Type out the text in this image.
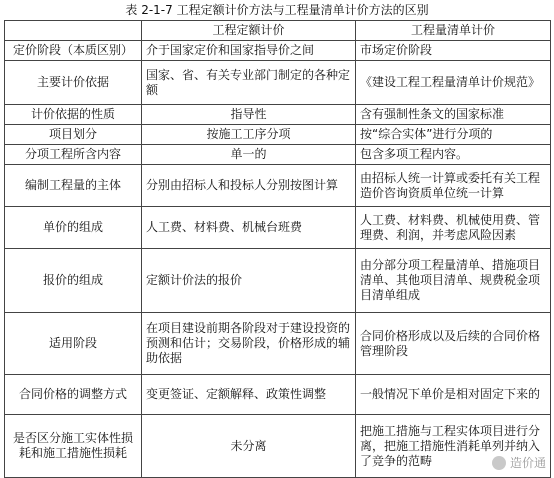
表 2-1-7 工程定额计价方法与工程量清单计价方法的区别
	工程定额计价	工程量清单计价
定价阶段（本质区别）	介于国家定价和国家指导价之间	市场定价阶段
主要计价依据	国家、省、有关专业部门制定的各种定额	《建设工程工程量清单计价规范》
计价依据的性质	指导性	含有强制性条文的国家标准
项目划分	按施工工序分项	按“综合实体”进行分项的
分项工程所含内容	单一的	包含多项工程内容。
编制工程量的主体	分别由招标人和投标人分别按图计算	由招标人统一计算或委托有关工程造价咨询资质单位统一计算
单价的组成	人工费、材料费、机械台班费	人工费、材料费、机械使用费、管理费、利润，并考虑风险因素
报价的组成	定额计价法的报价	由分部分项工程量清单、措施项目清单、其他项目清单、规费税金项目清单组成
适用阶段	在项目建设前期各阶段对于建设投资的预测和估计；交易阶段，价格形成的辅助依据	合同价格形成以及后续的合同价格管理阶段
合同价格的调整方式	变更签证、定额解释、政策性调整	一般情况下单价是相对固定下来的
是否区分施工实体性损耗和施工措施性损耗	未分离	把施工措施与工程实体项目进行分离，把施工措施性消耗单列并纳入了竞争的范畴	造价通
